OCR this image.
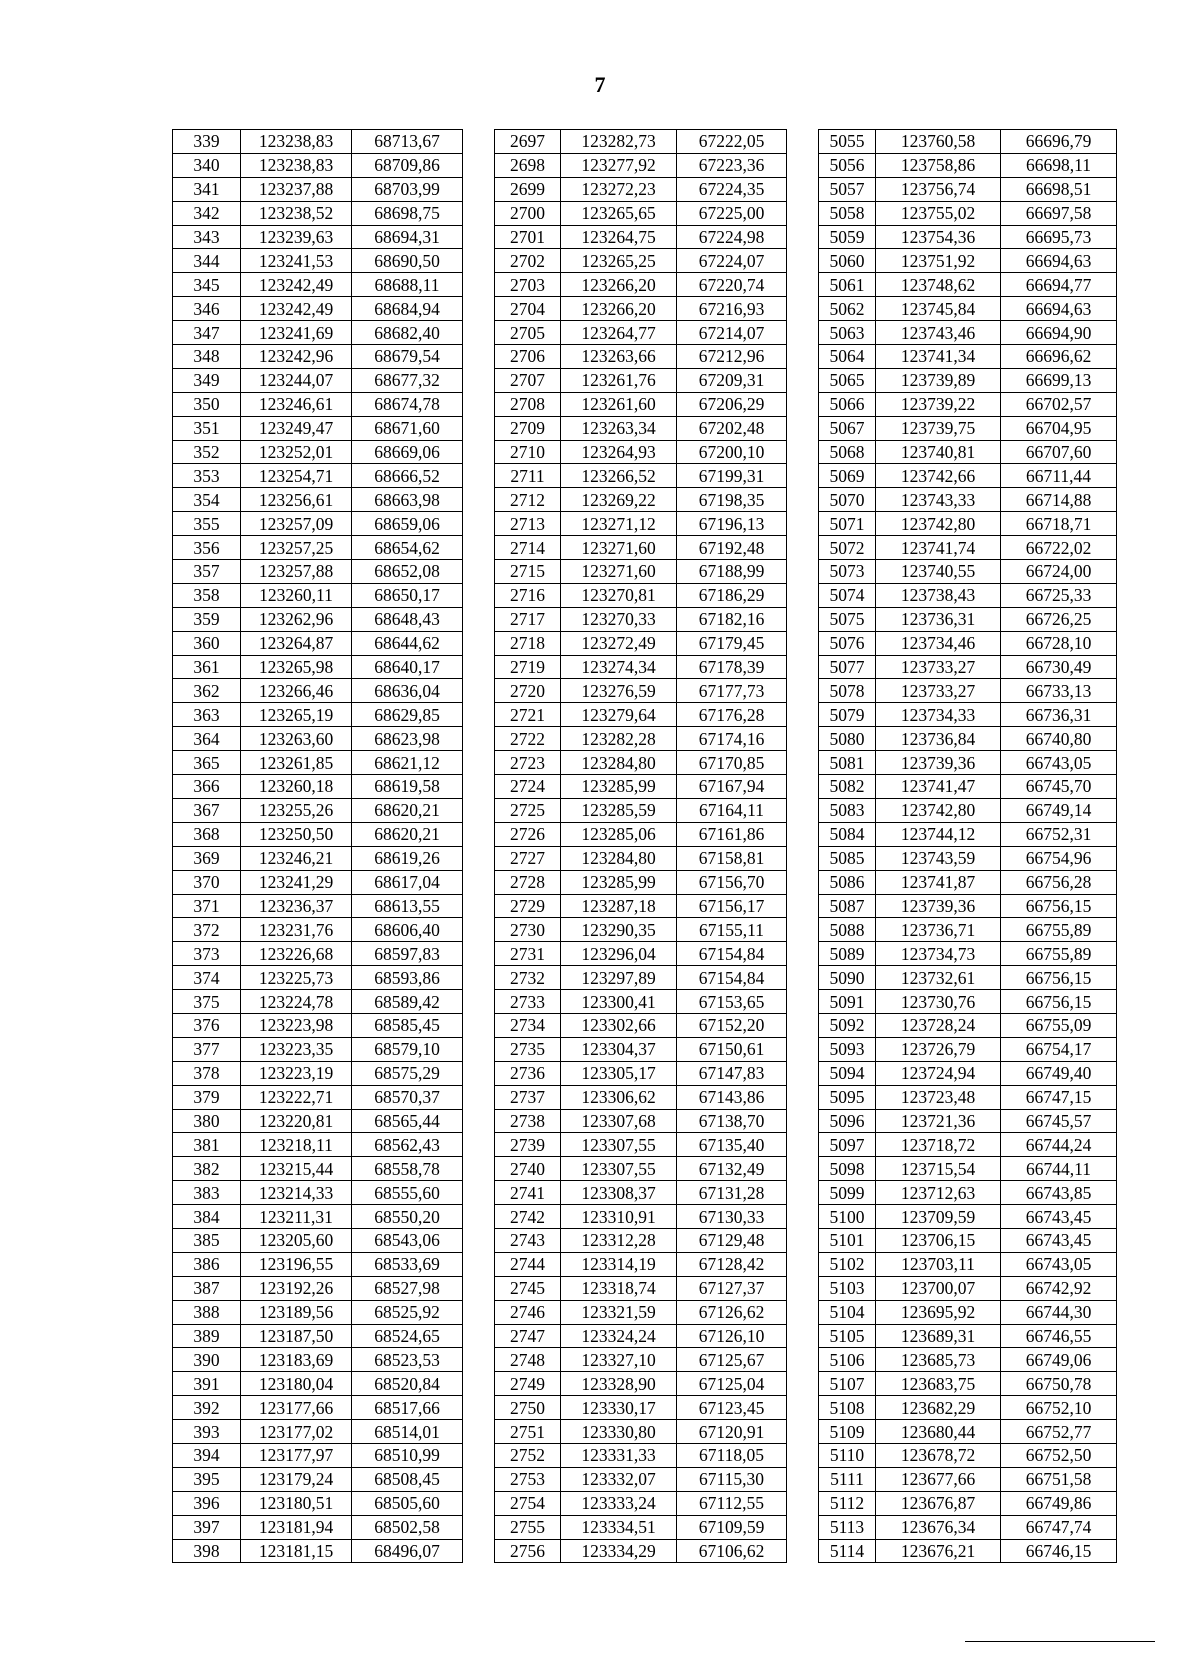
7
339	123238,83	68713,67		2697	123282,73	67222,05		5055	123760,58	66696,79
340	123238,83	68709,86		2698	123277,92	67223,36		5056	123758,86	66698,11
341	123237,88	68703,99		2699	123272,23	67224,35		5057	123756,74	66698,51
342	123238,52	68698,75		2700	123265,65	67225,00		5058	123755,02	66697,58
343	123239,63	68694,31		2701	123264,75	67224,98		5059	123754,36	66695,73
344	123241,53	68690,50		2702	123265,25	67224,07		5060	123751,92	66694,63
345	123242,49	68688,11		2703	123266,20	67220,74		5061	123748,62	66694,77
346	123242,49	68684,94		2704	123266,20	67216,93		5062	123745,84	66694,63
347	123241,69	68682,40		2705	123264,77	67214,07		5063	123743,46	66694,90
348	123242,96	68679,54		2706	123263,66	67212,96		5064	123741,34	66696,62
349	123244,07	68677,32		2707	123261,76	67209,31		5065	123739,89	66699,13
350	123246,61	68674,78		2708	123261,60	67206,29		5066	123739,22	66702,57
351	123249,47	68671,60		2709	123263,34	67202,48		5067	123739,75	66704,95
352	123252,01	68669,06		2710	123264,93	67200,10		5068	123740,81	66707,60
353	123254,71	68666,52		2711	123266,52	67199,31		5069	123742,66	66711,44
354	123256,61	68663,98		2712	123269,22	67198,35		5070	123743,33	66714,88
355	123257,09	68659,06		2713	123271,12	67196,13		5071	123742,80	66718,71
356	123257,25	68654,62		2714	123271,60	67192,48		5072	123741,74	66722,02
357	123257,88	68652,08		2715	123271,60	67188,99		5073	123740,55	66724,00
358	123260,11	68650,17		2716	123270,81	67186,29		5074	123738,43	66725,33
359	123262,96	68648,43		2717	123270,33	67182,16		5075	123736,31	66726,25
360	123264,87	68644,62		2718	123272,49	67179,45		5076	123734,46	66728,10
361	123265,98	68640,17		2719	123274,34	67178,39		5077	123733,27	66730,49
362	123266,46	68636,04		2720	123276,59	67177,73		5078	123733,27	66733,13
363	123265,19	68629,85		2721	123279,64	67176,28		5079	123734,33	66736,31
364	123263,60	68623,98		2722	123282,28	67174,16		5080	123736,84	66740,80
365	123261,85	68621,12		2723	123284,80	67170,85		5081	123739,36	66743,05
366	123260,18	68619,58		2724	123285,99	67167,94		5082	123741,47	66745,70
367	123255,26	68620,21		2725	123285,59	67164,11		5083	123742,80	66749,14
368	123250,50	68620,21		2726	123285,06	67161,86		5084	123744,12	66752,31
369	123246,21	68619,26		2727	123284,80	67158,81		5085	123743,59	66754,96
370	123241,29	68617,04		2728	123285,99	67156,70		5086	123741,87	66756,28
371	123236,37	68613,55		2729	123287,18	67156,17		5087	123739,36	66756,15
372	123231,76	68606,40		2730	123290,35	67155,11		5088	123736,71	66755,89
373	123226,68	68597,83		2731	123296,04	67154,84		5089	123734,73	66755,89
374	123225,73	68593,86		2732	123297,89	67154,84		5090	123732,61	66756,15
375	123224,78	68589,42		2733	123300,41	67153,65		5091	123730,76	66756,15
376	123223,98	68585,45		2734	123302,66	67152,20		5092	123728,24	66755,09
377	123223,35	68579,10		2735	123304,37	67150,61		5093	123726,79	66754,17
378	123223,19	68575,29		2736	123305,17	67147,83		5094	123724,94	66749,40
379	123222,71	68570,37		2737	123306,62	67143,86		5095	123723,48	66747,15
380	123220,81	68565,44		2738	123307,68	67138,70		5096	123721,36	66745,57
381	123218,11	68562,43		2739	123307,55	67135,40		5097	123718,72	66744,24
382	123215,44	68558,78		2740	123307,55	67132,49		5098	123715,54	66744,11
383	123214,33	68555,60		2741	123308,37	67131,28		5099	123712,63	66743,85
384	123211,31	68550,20		2742	123310,91	67130,33		5100	123709,59	66743,45
385	123205,60	68543,06		2743	123312,28	67129,48		5101	123706,15	66743,45
386	123196,55	68533,69		2744	123314,19	67128,42		5102	123703,11	66743,05
387	123192,26	68527,98		2745	123318,74	67127,37		5103	123700,07	66742,92
388	123189,56	68525,92		2746	123321,59	67126,62		5104	123695,92	66744,30
389	123187,50	68524,65		2747	123324,24	67126,10		5105	123689,31	66746,55
390	123183,69	68523,53		2748	123327,10	67125,67		5106	123685,73	66749,06
391	123180,04	68520,84		2749	123328,90	67125,04		5107	123683,75	66750,78
392	123177,66	68517,66		2750	123330,17	67123,45		5108	123682,29	66752,10
393	123177,02	68514,01		2751	123330,80	67120,91		5109	123680,44	66752,77
394	123177,97	68510,99		2752	123331,33	67118,05		5110	123678,72	66752,50
395	123179,24	68508,45		2753	123332,07	67115,30		5111	123677,66	66751,58
396	123180,51	68505,60		2754	123333,24	67112,55		5112	123676,87	66749,86
397	123181,94	68502,58		2755	123334,51	67109,59		5113	123676,34	66747,74
398	123181,15	68496,07		2756	123334,29	67106,62		5114	123676,21	66746,15
